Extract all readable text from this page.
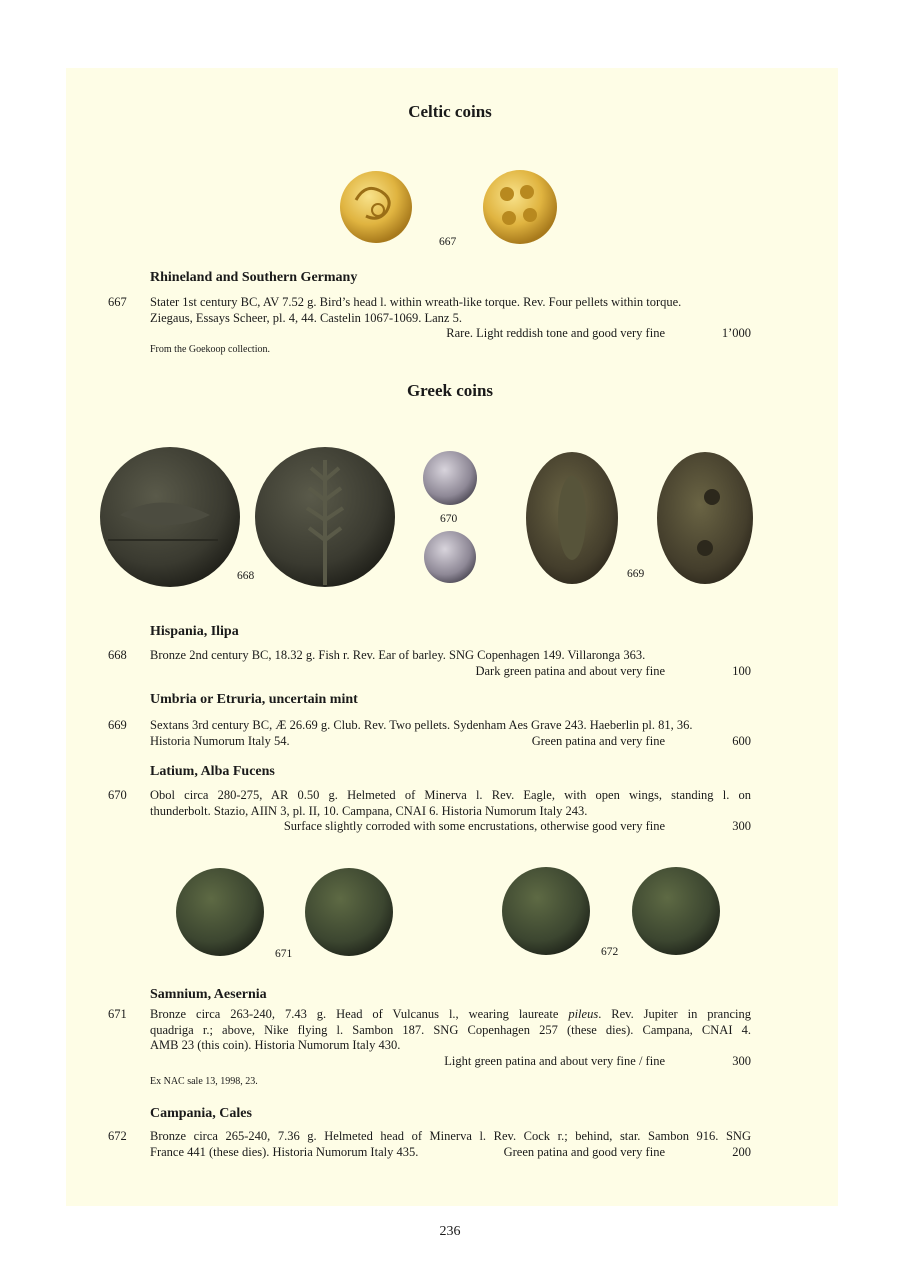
Celtic coins
667
Rhineland and Southern Germany
667 Stater 1st century BC, AV 7.52 g. Bird’s head l. within wreath-like torque. Rev. Four pellets within torque.
Ziegaus, Essays Scheer, pl. 4, 44. Castelin 1067-1069. Lanz 5.
Rare. Light reddish tone and good very fine	1’000
From the Goekoop collection.
Greek coins
670
668	669
Hispania, Ilipa
668 Bronze 2nd century BC, 18.32 g. Fish r. Rev. Ear of barley. SNG Copenhagen 149. Villaronga 363.
Dark green patina and about very fine	100
Umbria or Etruria, uncertain mint
669 Sextans 3rd century BC, Æ 26.69 g. Club. Rev. Two pellets. Sydenham Aes Grave 243. Haeberlin pl. 81, 36.
Historia Numorum Italy 54.	Green patina and very fine	600
Latium, Alba Fucens
670 Obol circa 280-275, AR 0.50 g. Helmeted of Minerva l. Rev. Eagle, with open wings, standing l. on
thunderbolt. Stazio, AIIN 3, pl. II, 10. Campana, CNAI 6. Historia Numorum Italy 243.
Surface slightly corroded with some encrustations, otherwise good very fine	300
671	672
Samnium, Aesernia
671 Bronze circa 263-240, 7.43 g. Head of Vulcanus l., wearing laureate pileus. Rev. Jupiter in prancing
quadriga r.; above, Nike flying l. Sambon 187. SNG Copenhagen 257 (these dies). Campana, CNAI 4.
AMB 23 (this coin). Historia Numorum Italy 430.
Light green patina and about very fine / fine	300
Ex NAC sale 13, 1998, 23.
Campania, Cales
672 Bronze circa 265-240, 7.36 g. Helmeted head of Minerva l. Rev. Cock r.; behind, star. Sambon 916. SNG
France 441 (these dies). Historia Numorum Italy 435.	Green patina and good very fine	200
236
